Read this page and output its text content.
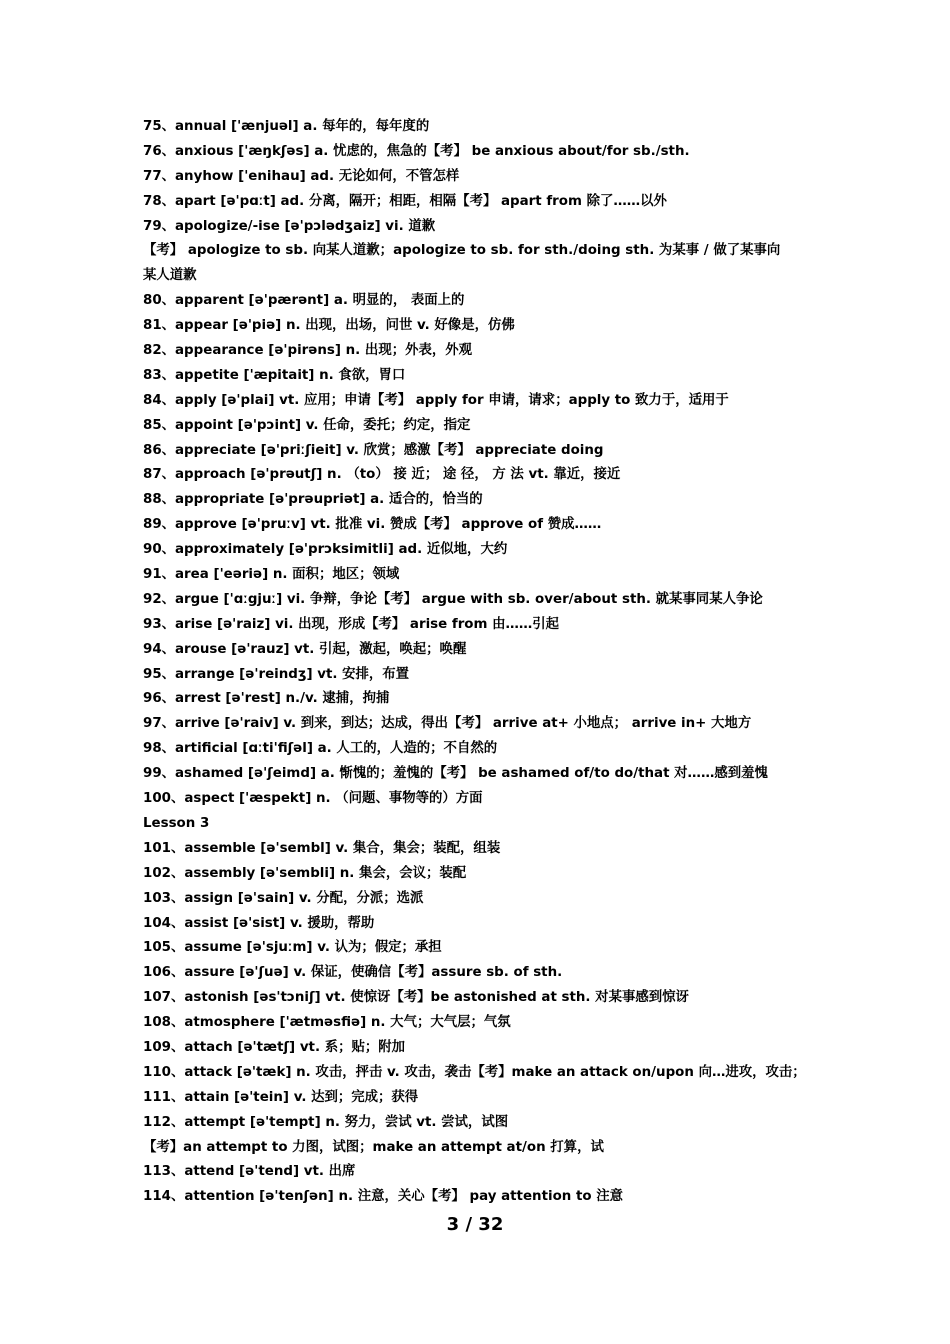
75、annual ['ænjuəl] a. 每年的，每年度的
76、anxious ['æŋkʃəs] a. 忧虑的，焦急的【考】 be anxious about/for sb./sth.
77、anyhow ['enihau] ad. 无论如何，不管怎样
78、apart [ə'pɑːt] ad. 分离，隔开；相距，相隔【考】 apart from 除了……以外
79、apologize/-ise [ə'pɔlədʒaiz] vi. 道歉
【考】 apologize to sb. 向某人道歉；apologize to sb. for sth./doing sth. 为某事 / 做了某事向
某人道歉
80、apparent [ə'pærənt] a. 明显的， 表面上的
81、appear [ə'piə] n. 出现，出场，问世 v. 好像是，仿佛
82、appearance [ə'pirəns] n. 出现；外表，外观
83、appetite ['æpitait] n. 食欲，胃口
84、apply [ə'plai] vt. 应用；申请【考】 apply for 申请，请求；apply to 致力于，适用于
85、appoint [ə'pɔint] v. 任命，委托；约定，指定
86、appreciate [ə'priːʃieit] v. 欣赏；感激【考】 appreciate doing
87、approach [ə'prəutʃ] n. （to） 接 近； 途 径， 方 法 vt. 靠近，接近
88、appropriate [ə'prəupriət] a. 适合的，恰当的
89、approve [ə'pruːv] vt. 批准 vi. 赞成【考】 approve of 赞成……
90、approximately [ə'prɔksimitli] ad. 近似地，大约
91、area ['eəriə] n. 面积；地区；领域
92、argue ['ɑːgjuː] vi. 争辩，争论【考】 argue with sb. over/about sth. 就某事同某人争论
93、arise [ə'raiz] vi. 出现，形成【考】 arise from 由……引起
94、arouse [ə'rauz] vt. 引起，激起，唤起；唤醒
95、arrange [ə'reindʒ] vt. 安排，布置
96、arrest [ə'rest] n./v. 逮捕，拘捕
97、arrive [ə'raiv] v. 到来，到达；达成，得出【考】 arrive at+ 小地点； arrive in+ 大地方
98、artificial [ɑːti'fiʃəl] a. 人工的，人造的；不自然的
99、ashamed [ə'ʃeimd] a. 惭愧的；羞愧的【考】 be ashamed of/to do/that 对……感到羞愧
100、aspect ['æspekt] n. （问题、事物等的）方面
Lesson 3
101、assemble [ə'sembl] v. 集合，集会；装配，组装
102、assembly [ə'sembli] n. 集会，会议；装配
103、assign [ə'sain] v. 分配，分派；选派
104、assist [ə'sist] v. 援助，帮助
105、assume [ə'sjuːm] v. 认为；假定；承担
106、assure [ə'ʃuə] v. 保证，使确信【考】assure sb. of sth.
107、astonish [əs'tɔniʃ] vt. 使惊讶【考】be astonished at sth. 对某事感到惊讶
108、atmosphere ['ætməsfiə] n. 大气；大气层；气氛
109、attach [ə'tætʃ] vt. 系；贴；附加
110、attack [ə'tæk] n. 攻击，抨击 v. 攻击，袭击【考】make an attack on/upon 向…进攻，攻击；
111、attain [ə'tein] v. 达到；完成；获得
112、attempt [ə'tempt] n. 努力，尝试 vt. 尝试，试图
【考】an attempt to 力图，试图；make an attempt at/on 打算，试
113、attend [ə'tend] vt. 出席
114、attention [ə'tenʃən] n. 注意，关心【考】 pay attention to 注意
3 / 32
